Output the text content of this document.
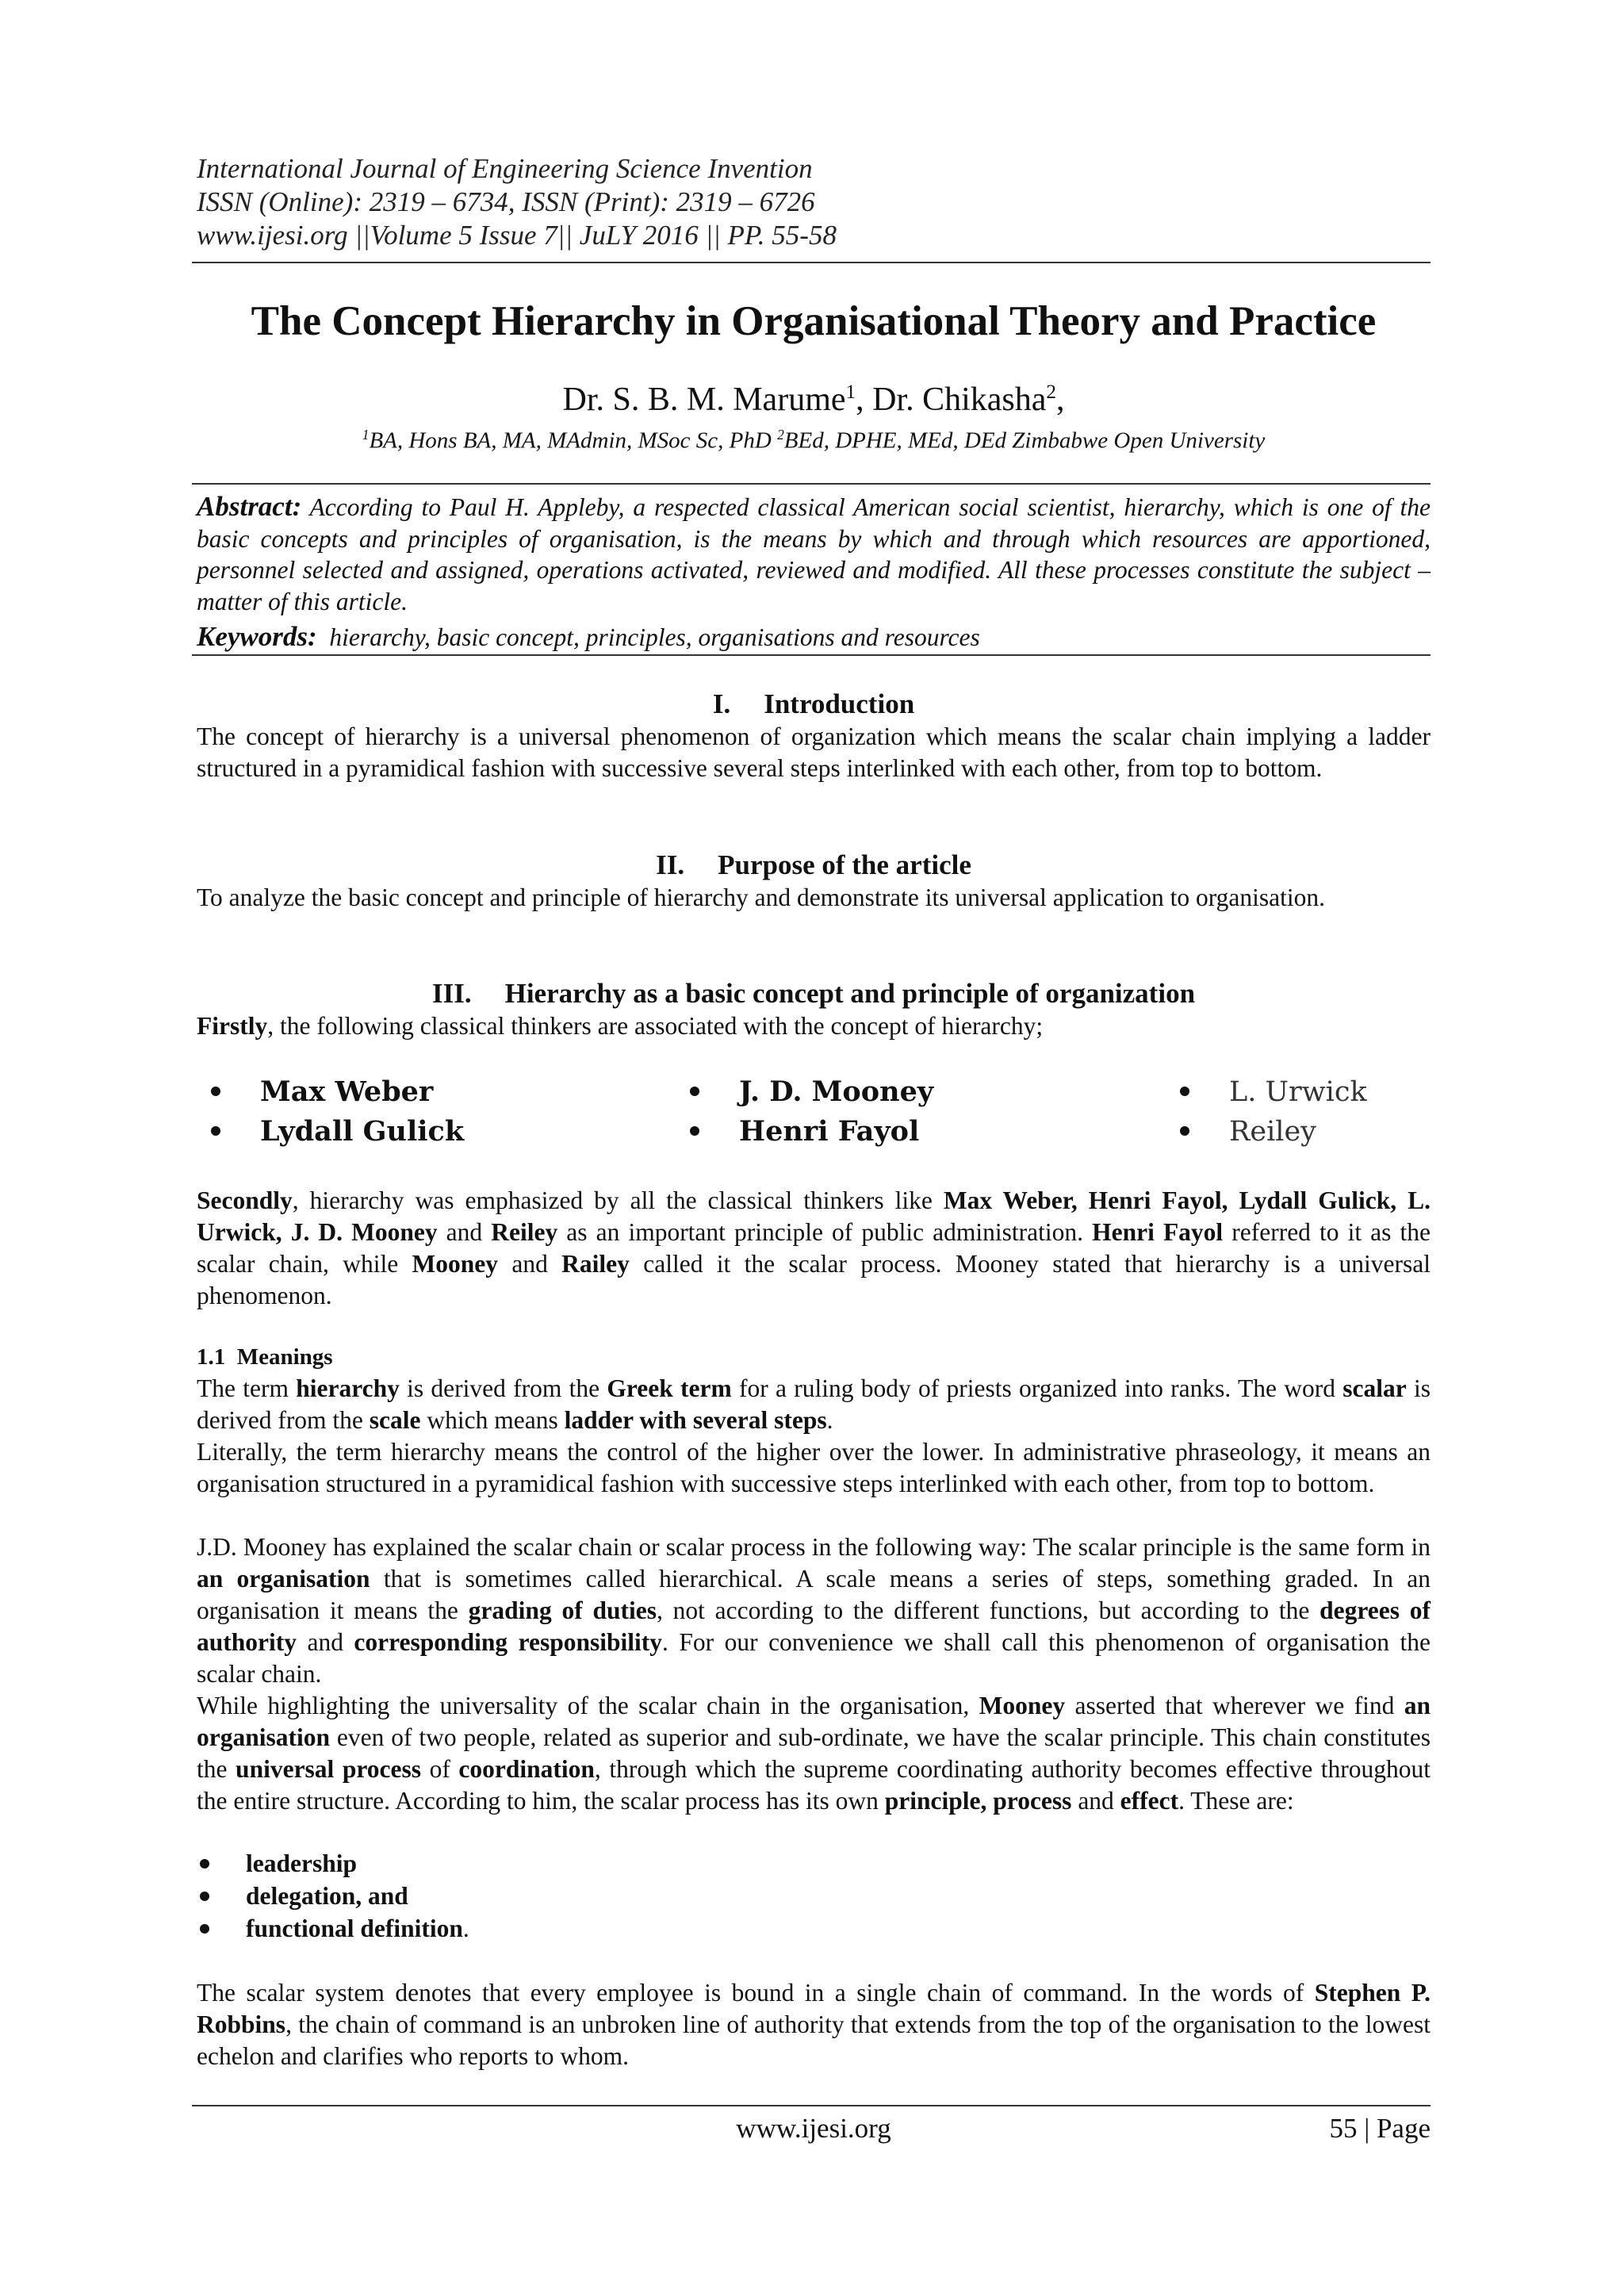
International Journal of Engineering Science Invention
ISSN (Online): 2319 – 6734, ISSN (Print): 2319 – 6726
www.ijesi.org ||Volume 5 Issue 7|| JuLY 2016 || PP. 55-58
The Concept Hierarchy in Organisational Theory and Practice
Dr. S. B. M. Marume$^1$, Dr. Chikasha$^2$,
$^1$BA, Hons BA, MA, MAdmin, MSoc Sc, PhD $^2$BEd, DPHE, MEd, DEd Zimbabwe Open University
Abstract: According to Paul H. Appleby, a respected classical American social scientist, hierarchy, which is one of the basic concepts and principles of organisation, is the means by which and through which resources are apportioned, personnel selected and assigned, operations activated, reviewed and modified. All these processes constitute the subject – matter of this article.
Keywords:  hierarchy, basic concept, principles, organisations and resources
I. Introduction
The concept of hierarchy is a universal phenomenon of organization which means the scalar chain implying a ladder structured in a pyramidical fashion with successive several steps interlinked with each other, from top to bottom.
II. Purpose of the article
To analyze the basic concept and principle of hierarchy and demonstrate its universal application to organisation.
III. Hierarchy as a basic concept and principle of organization
Firstly, the following classical thinkers are associated with the concept of hierarchy;
Max Weber
Lydall Gulick
J. D. Mooney
Henri Fayol
L. Urwick
Reiley
Secondly, hierarchy was emphasized by all the classical thinkers like Max Weber, Henri Fayol, Lydall Gulick, L. Urwick, J. D. Mooney and Reiley as an important principle of public administration. Henri Fayol referred to it as the scalar chain, while Mooney and Railey called it the scalar process. Mooney stated that hierarchy is a universal phenomenon.
1.1  Meanings
The term hierarchy is derived from the Greek term for a ruling body of priests organized into ranks. The word scalar is derived from the scale which means ladder with several steps.
Literally, the term hierarchy means the control of the higher over the lower. In administrative phraseology, it means an organisation structured in a pyramidical fashion with successive steps interlinked with each other, from top to bottom.
J.D. Mooney has explained the scalar chain or scalar process in the following way: The scalar principle is the same form in an organisation that is sometimes called hierarchical. A scale means a series of steps, something graded. In an organisation it means the grading of duties, not according to the different functions, but according to the degrees of authority and corresponding responsibility. For our convenience we shall call this phenomenon of organisation the scalar chain.
While highlighting the universality of the scalar chain in the organisation, Mooney asserted that wherever we find an organisation even of two people, related as superior and sub-ordinate, we have the scalar principle. This chain constitutes the universal process of coordination, through which the supreme coordinating authority becomes effective throughout the entire structure. According to him, the scalar process has its own principle, process and effect. These are:
leadership
delegation, and
functional definition.
The scalar system denotes that every employee is bound in a single chain of command. In the words of Stephen P. Robbins, the chain of command is an unbroken line of authority that extends from the top of the organisation to the lowest echelon and clarifies who reports to whom.
www.ijesi.org	55 | Page
